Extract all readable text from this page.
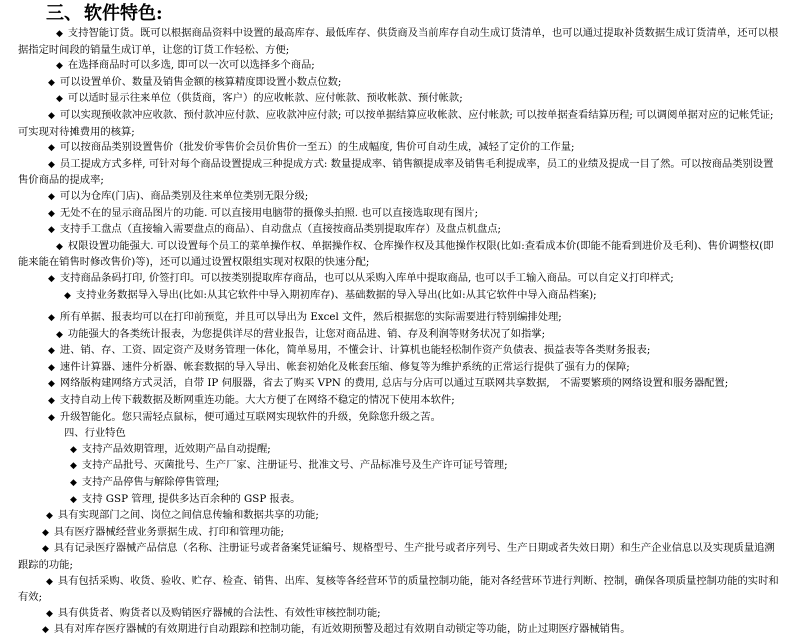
三、 软件特色:

◆ 支持智能订货。既可以根据商品资料中设置的最高库存、最低库存、供货商及当前库存自动生成订货清单，也可以通过提取补货数据生成订货清单，还可以根据指定时间段的销量生成订单，让您的订货工作轻松、方便;

◆ 在选择商品时可以多选, 即可以一次可以选择多个商品;

◆ 可以设置单价、数量及销售金额的核算精度即设置小数点位数;

◆ 可以适时显示往来单位（供货商，客户）的应收帐款、应付帐款、预收帐款、预付帐款;

◆ 可以实现预收款冲应收款、预付款冲应付款、应收款冲应付款; 可以按单据结算应收帐款、应付帐款; 可以按单据查看结算历程; 可以调阅单据对应的记帐凭证; 可实现对待摊费用的核算;

◆ 可以按商品类别设置售价（批发价零售价会员价售价一至五）的生成幅度, 售价可自动生成，减轻了定价的工作量;

◆ 员工提成方式多样, 可针对每个商品设置提成三种提成方式: 数量提成率、销售额提成率及销售毛利提成率，员工的业绩及提成一目了然。可以按商品类别设置售价商品的提成率;

◆ 可以为仓库(门店)、商品类别及往来单位类别无限分级;

◆ 无处不在的显示商品图片的功能. 可以直接用电脑带的摄像头拍照. 也可以直接选取现有图片;

◆ 支持手工盘点（直接输入需要盘点的商品）、自动盘点（直接按商品类别提取库存）及盘点机盘点;

◆ 权限设置功能强大. 可以设置每个员工的菜单操作权、单据操作权、仓库操作权及其他操作权限(比如:查看成本价(即能不能看到进价及毛利)、售价调整权(即能来能在销售时修改售价)等)，还可以通过设置权限组实现对权限的快速分配;

◆ 支持商品条码打印, 价签打印。可以按类别提取库存商品，也可以从采购入库单中提取商品, 也可以手工输入商品。可以自定义打印样式;

◆ 支持业务数据导入导出(比如:从其它软件中导入期初库存)、基础数据的导入导出(比如:从其它软件中导入商品档案);

◆ 所有单据、报表均可以在打印前预览，并且可以导出为 Excel 文件，然后根据您的实际需要进行特别编排处理;

◆ 功能强大的各类统计报表，为您提供详尽的营业报告，让您对商品进、销、存及利润等财务状况了如指掌;

◆ 进、销、存、工资、固定资产及财务管理一体化，简单易用，不懂会计、计算机也能轻松制作资产负债表、损益表等各类财务报表;

◆ 速件计算器、速件分析器、帐套数据的导入导出、帐套初始化及帐套压缩、修复等为维护系统的正常运行提供了强有力的保障;

◆ 网络版构建网络方式灵活，自带 IP 伺服器，省去了购买 VPN 的费用, 总店与分店可以通过互联网共享数据,　不需要繁琐的网络设置和服务器配置;

◆ 支持自动上传下载数据及断网重连功能。大大方便了在网络不稳定的情况下使用本软件;

◆ 升级智能化。您只需轻点鼠标，便可通过互联网实现软件的升级，免除您升级之苦。

四、行业特色

◆ 支持产品效期管理，近效期产品自动提醒;

◆ 支持产品批号、灭菌批号、生产厂家、注册证号、批准文号、产品标准号及生产许可证号管理;

◆ 支持产品停售与解除停售管理;

◆ 支持 GSP 管理, 提供多达百余种的 GSP 报表。

◆ 具有实现部门之间、岗位之间信息传输和数据共享的功能;

◆ 具有医疗器械经营业务票据生成、打印和管理功能;

◆ 具有记录医疗器械产品信息（名称、注册证号或者备案凭证编号、规格型号、生产批号或者序列号、生产日期或者失效日期）和生产企业信息以及实现质量追溯跟踪的功能;

◆ 具有包括采购、收货、验收、贮存、检查、销售、出库、复核等各经营环节的质量控制功能，能对各经营环节进行判断、控制，确保各项质量控制功能的实时和有效;

◆ 具有供货者、购货者以及购销医疗器械的合法性、有效性审核控制功能;

◆ 具有对库存医疗器械的有效期进行自动跟踪和控制功能，有近效期预警及超过有效期自动锁定等功能，防止过期医疗器械销售。
